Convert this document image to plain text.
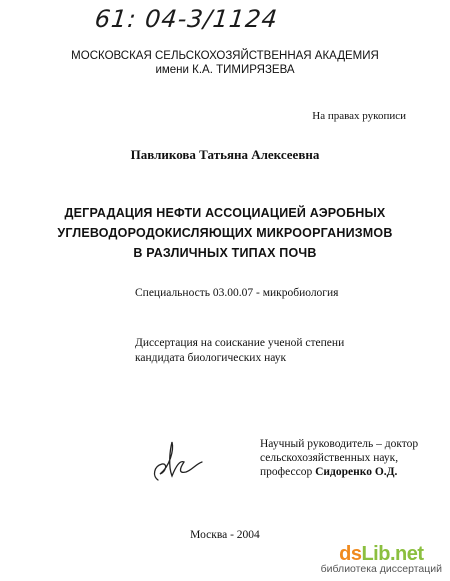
61: 04-3/1124
МОСКОВСКАЯ СЕЛЬСКОХОЗЯЙСТВЕННАЯ АКАДЕМИЯ
имени К.А. ТИМИРЯЗЕВА
На правах рукописи
Павликова Татьяна Алексеевна
ДЕГРАДАЦИЯ НЕФТИ АССОЦИАЦИЕЙ АЭРОБНЫХ
УГЛЕВОДОРОДОКИСЛЯЮЩИХ МИКРООРГАНИЗМОВ
В РАЗЛИЧНЫХ ТИПАХ ПОЧВ
Специальность 03.00.07 - микробиология
Диссертация на соискание ученой степени
кандидата биологических наук
Научный руководитель – доктор
сельскохозяйственных наук,
профессор Сидоренко О.Д.
Москва - 2004
dsLib.net
библиотека диссертаций
